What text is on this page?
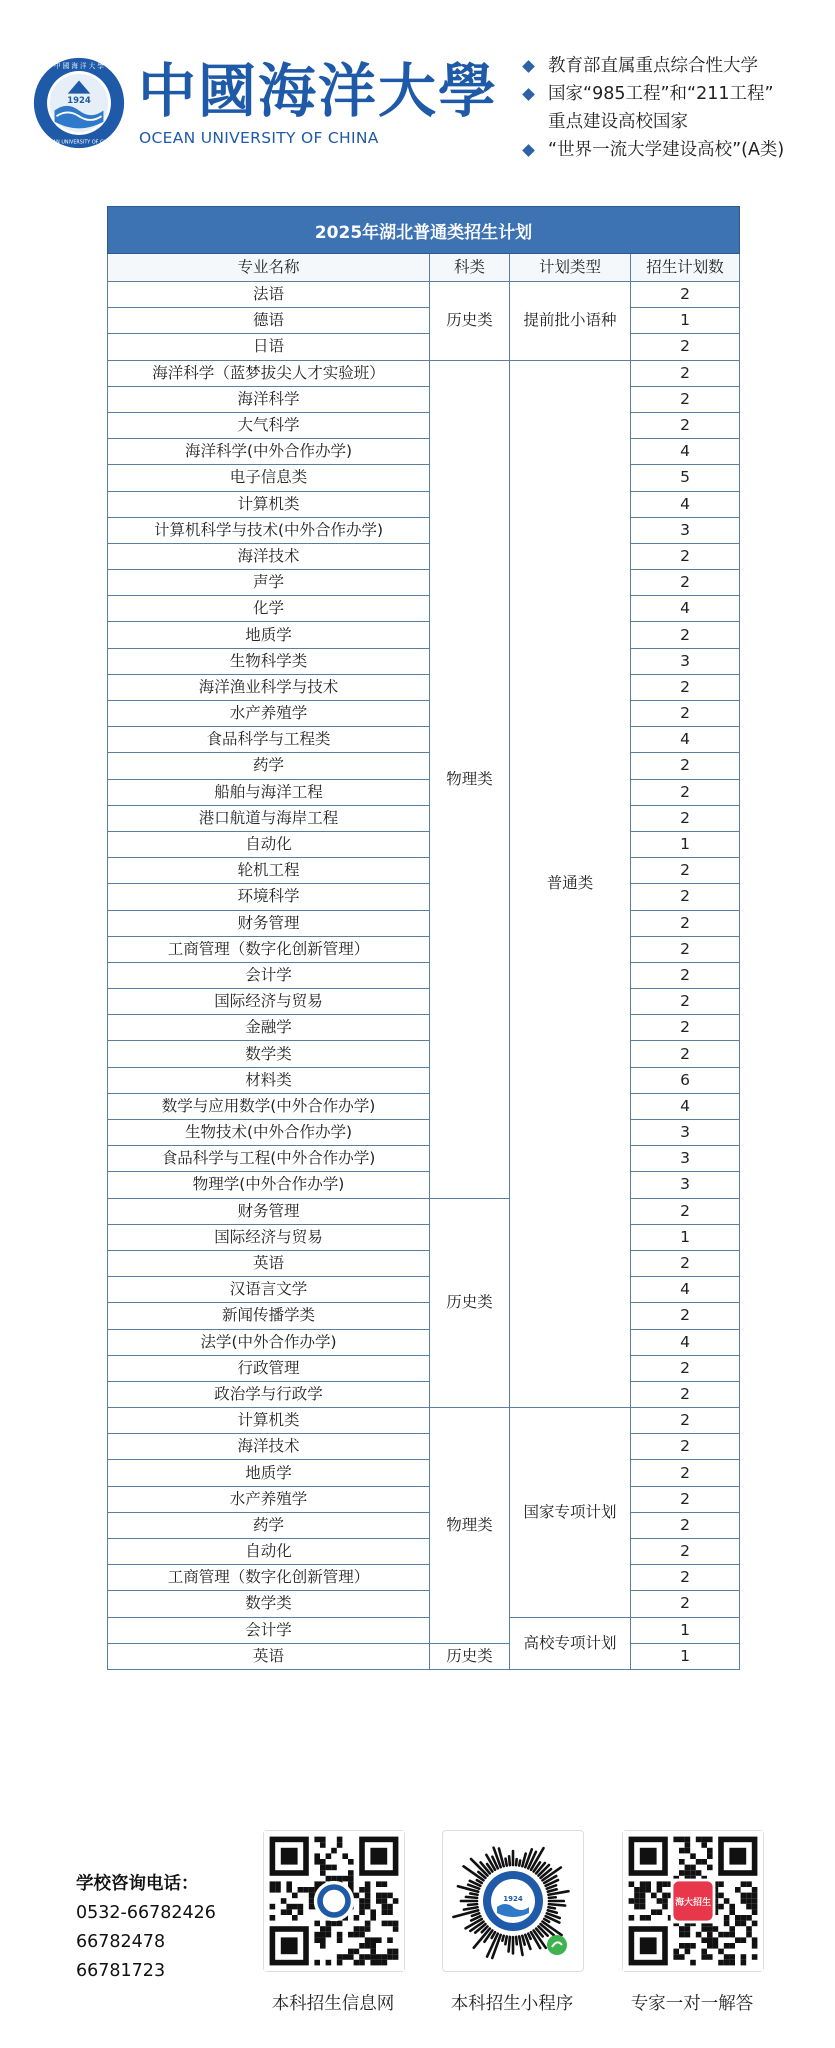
1924
中 國 海 洋 大 學
OCEAN UNIVERSITY OF CHINA
中國海洋大學
OCEAN UNIVERSITY OF CHINA
教育部直属重点综合性大学
国家“985工程”和“211工程”
重点建设高校国家
“世界一流大学建设高校”(A类)
2025年湖北普通类招生计划			
专业名称	科类	计划类型	招生计划数
法语	历史类	提前批小语种	2
德语			1
日语			2
海洋科学（蓝梦拔尖人才实验班）	物理类	普通类	2
海洋科学			2
大气科学			2
海洋科学(中外合作办学)			4
电子信息类			5
计算机类			4
计算机科学与技术(中外合作办学)			3
海洋技术			2
声学			2
化学			4
地质学			2
生物科学类			3
海洋渔业科学与技术			2
水产养殖学			2
食品科学与工程类			4
药学			2
船舶与海洋工程			2
港口航道与海岸工程			2
自动化			1
轮机工程			2
环境科学			2
财务管理			2
工商管理（数字化创新管理）			2
会计学			2
国际经济与贸易			2
金融学			2
数学类			2
材料类			6
数学与应用数学(中外合作办学)			4
生物技术(中外合作办学)			3
食品科学与工程(中外合作办学)			3
物理学(中外合作办学)			3
财务管理	历史类		2
国际经济与贸易			1
英语			2
汉语言文学			4
新闻传播学类			2
法学(中外合作办学)			4
行政管理			2
政治学与行政学			2
计算机类	物理类	国家专项计划	2
海洋技术			2
地质学			2
水产养殖学			2
药学			2
自动化			2
工商管理（数字化创新管理）			2
数学类			2
会计学		高校专项计划	1
英语	历史类		1
学校咨询电话：
0532-66782426
66782478
66781723
1924	海大招生
本科招生信息网	本科招生小程序	专家一对一解答
